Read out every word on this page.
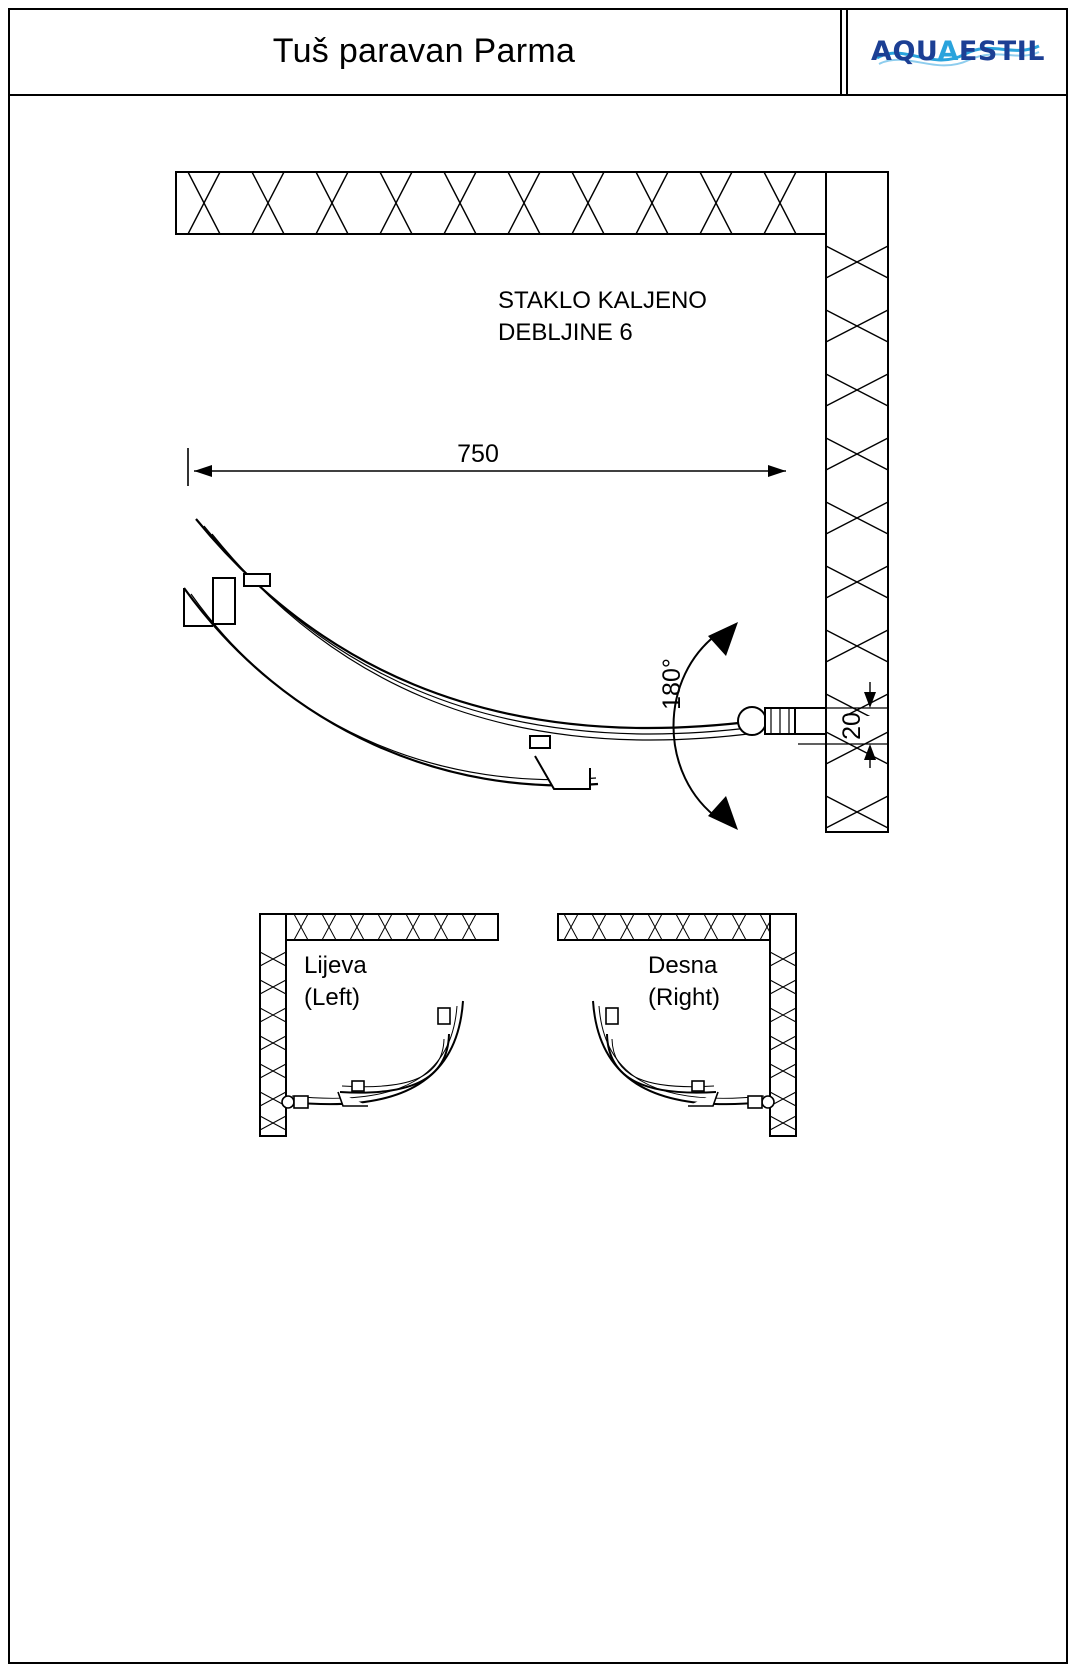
Tuš paravan Parma	AQUAESTIL
STAKLO KALJENO
DEBLJINE 6
750
180°
20
Lijeva
(Left)
Desna
(Right)
